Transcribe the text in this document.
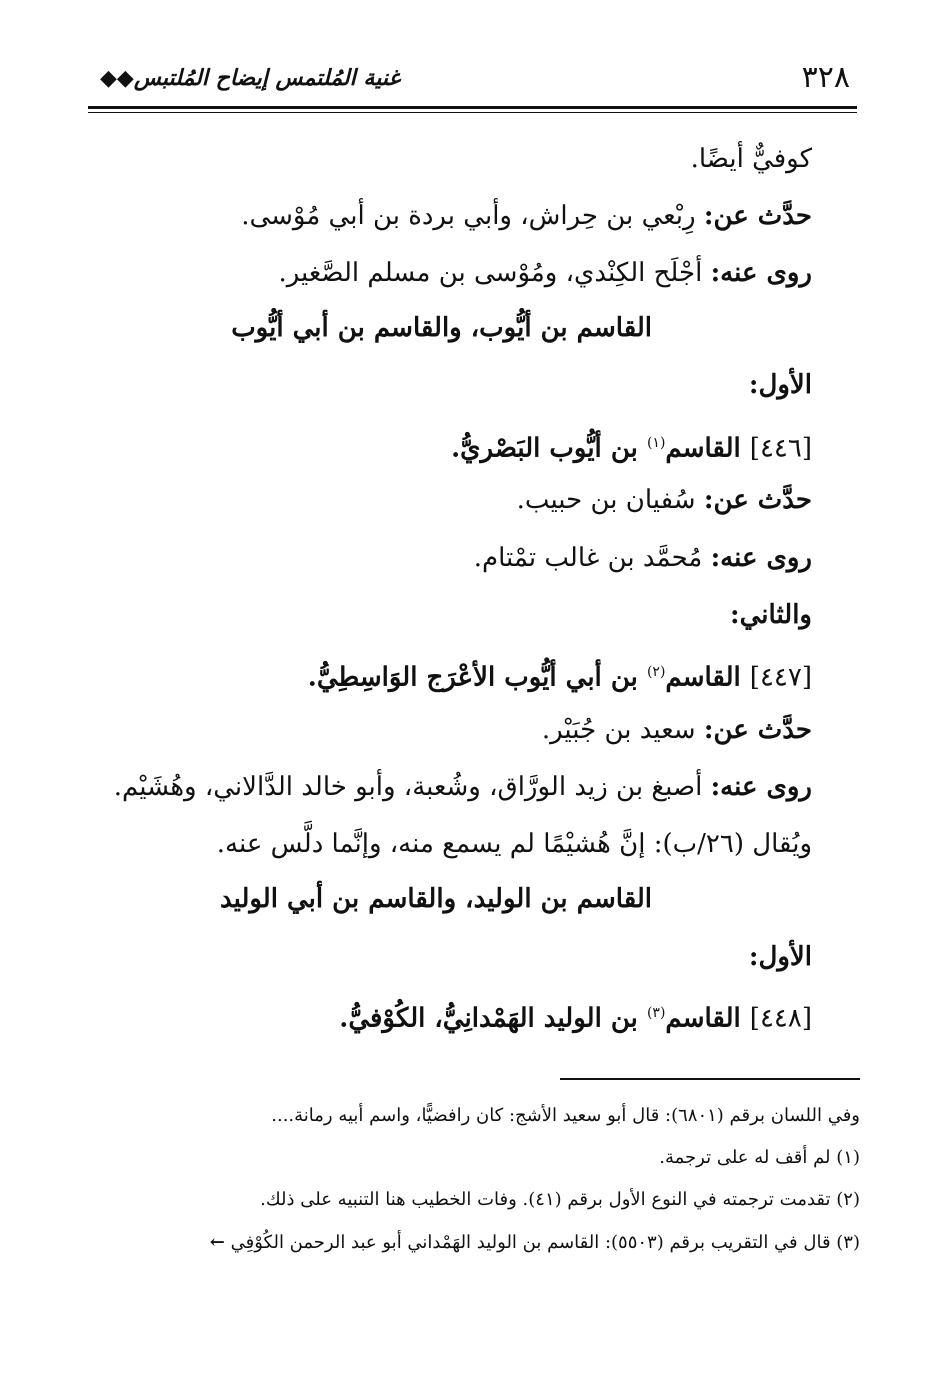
٣٢٨
غنية المُلتمس إيضاح المُلتبس◆◆
كوفيٌّ أيضًا.
حدَّث عن: رِبْعي بن حِراش، وأبي بردة بن أبي مُوْسى.
روى عنه: أجْلَح الكِنْدي، ومُوْسى بن مسلم الصَّغير.
القاسم بن أيُّوب، والقاسم بن أبي أيُّوب
الأول:
[٤٤٦] القاسم$^{(١)}$ بن أيُّوب البَصْريُّ.
حدَّث عن: سُفيان بن حبيب.
روى عنه: مُحمَّد بن غالب تمْتام.
والثاني:
[٤٤٧] القاسم$^{(٢)}$ بن أبي أيُّوب الأعْرَج الوَاسِطِيُّ.
حدَّث عن: سعيد بن جُبَيْر.
روى عنه: أصبغ بن زيد الورَّاق، وشُعبة، وأبو خالد الدَّالاني، وهُشَيْم.
ويُقال (٢٦/ب): إنَّ هُشيْمًا لم يسمع منه، وإنَّما دلَّس عنه.
القاسم بن الوليد، والقاسم بن أبي الوليد
الأول:
[٤٤٨] القاسم$^{(٣)}$ بن الوليد الهَمْدانِيُّ، الكُوْفيُّ.
وفي اللسان برقم (٦٨٠١): قال أبو سعيد الأشج: كان رافضيًّا، واسم أبيه رمانة....
(١) لم أقف له على ترجمة.
(٢) تقدمت ترجمته في النوع الأول برقم (٤١). وفات الخطيب هنا التنبيه على ذلك.
(٣) قال في التقريب برقم (٥٥٠٣): القاسم بن الوليد الهَمْداني أبو عبد الرحمن الكُوْفِي ←
